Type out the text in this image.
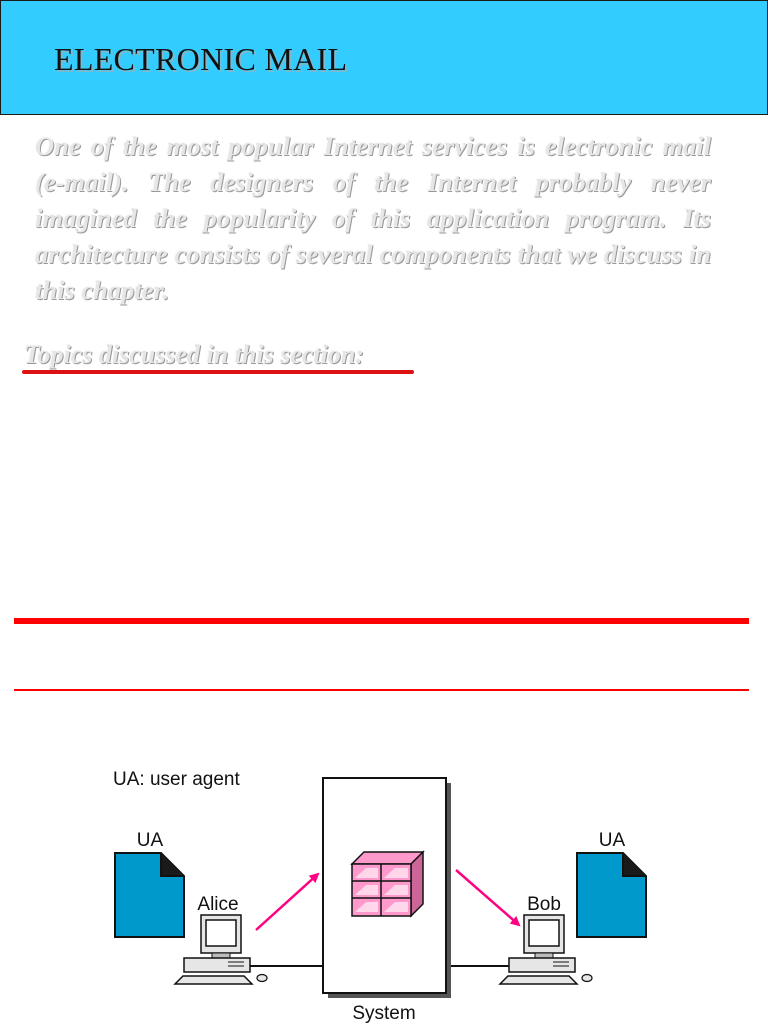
ELECTRONIC MAIL
One of the most popular Internet services is electronic mail (e-mail). The designers of the Internet probably never imagined the popularity of this application program. Its architecture consists of several components that we discuss in this chapter.
Topics discussed in this section:
UA: user agent
System
UA	UA
Alice	Bob
